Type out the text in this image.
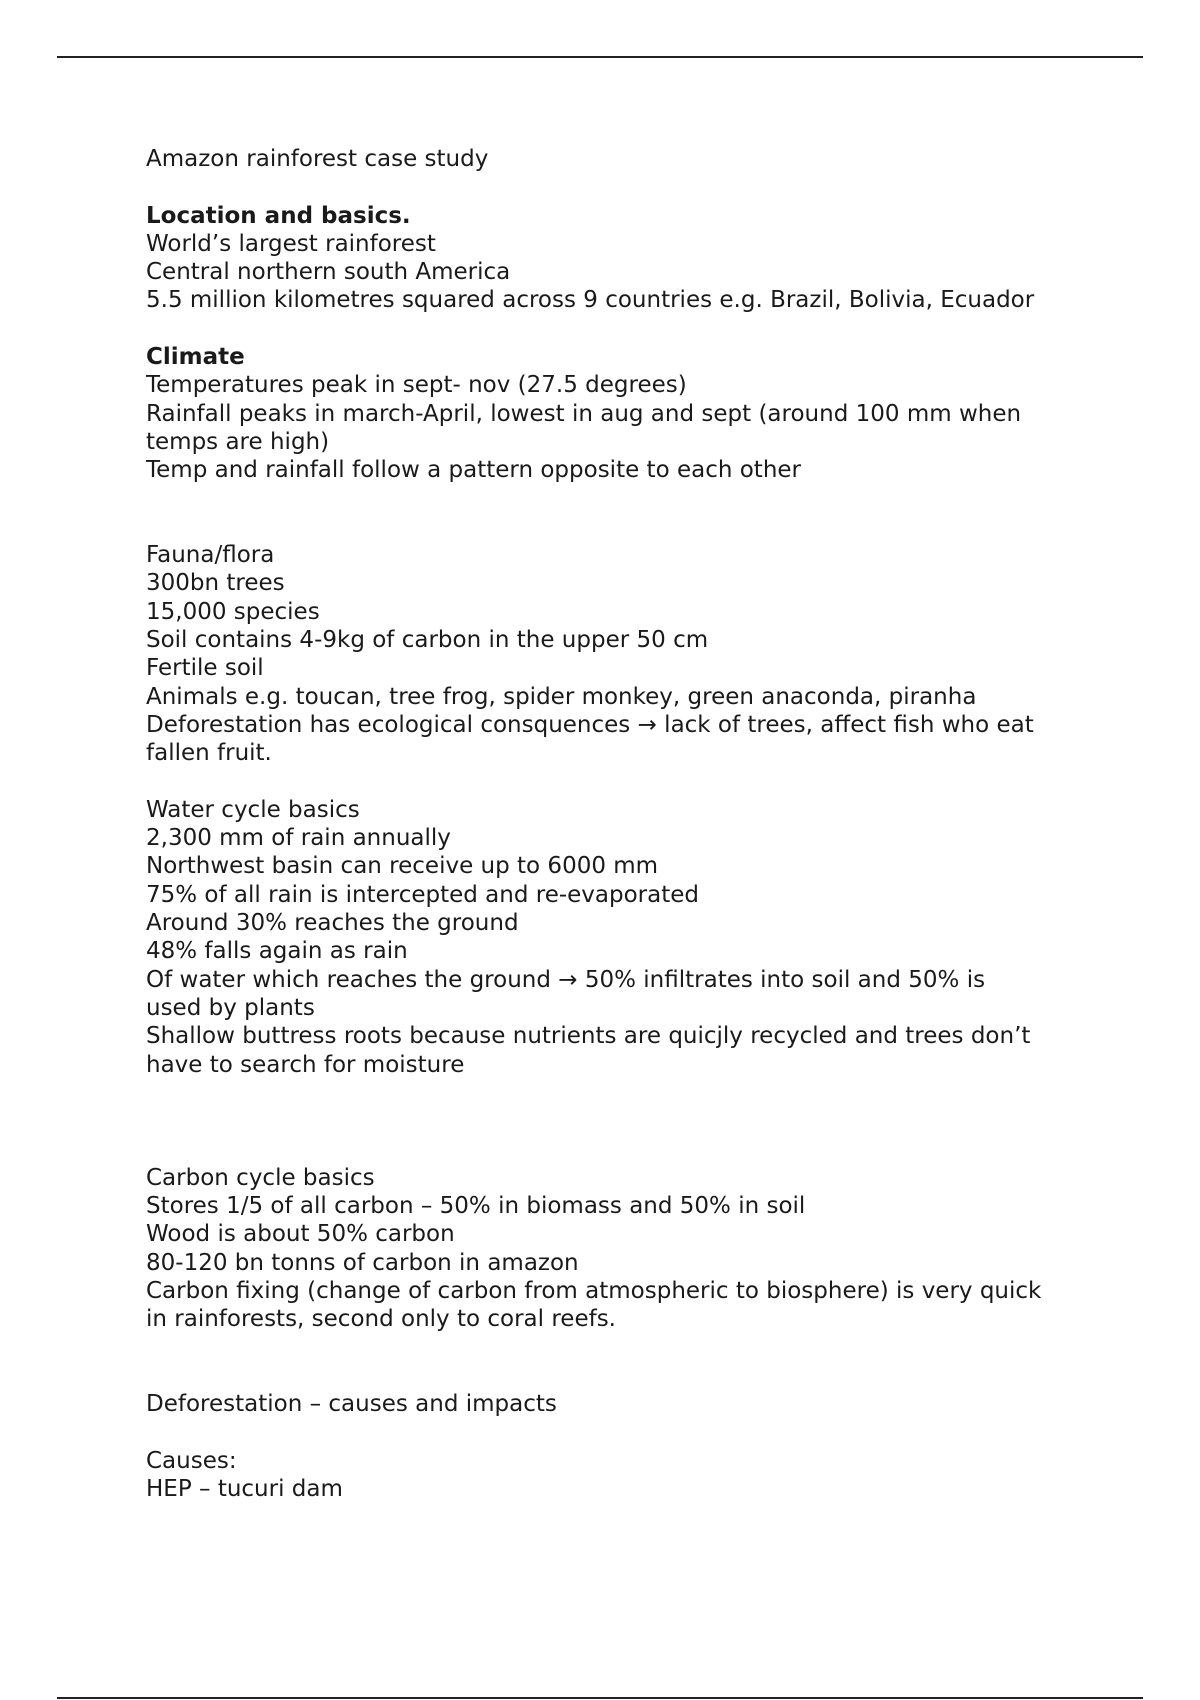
Amazon rainforest case study
Location and basics.
World’s largest rainforest
Central northern south America
5.5 million kilometres squared across 9 countries e.g. Brazil, Bolivia, Ecuador
Climate
Temperatures peak in sept- nov (27.5 degrees)
Rainfall peaks in march-April, lowest in aug and sept (around 100 mm when temps are high)
Temp and rainfall follow a pattern opposite to each other
Fauna/flora
300bn trees
15,000 species
Soil contains 4-9kg of carbon in the upper 50 cm
Fertile soil
Animals e.g. toucan, tree frog, spider monkey, green anaconda, piranha
Deforestation has ecological consquences → lack of trees, affect fish who eat fallen fruit.
Water cycle basics
2,300 mm of rain annually
Northwest basin can receive up to 6000 mm
75% of all rain is intercepted and re-evaporated
Around 30% reaches the ground
48% falls again as rain
Of water which reaches the ground → 50% infiltrates into soil and 50% is used by plants
Shallow buttress roots because nutrients are quicjly recycled and trees don’t have to search for moisture
Carbon cycle basics
Stores 1/5 of all carbon – 50% in biomass and 50% in soil
Wood is about 50% carbon
80-120 bn tonns of carbon in amazon
Carbon fixing (change of carbon from atmospheric to biosphere) is very quick in rainforests, second only to coral reefs.
Deforestation – causes and impacts
Causes:
HEP – tucuri dam
